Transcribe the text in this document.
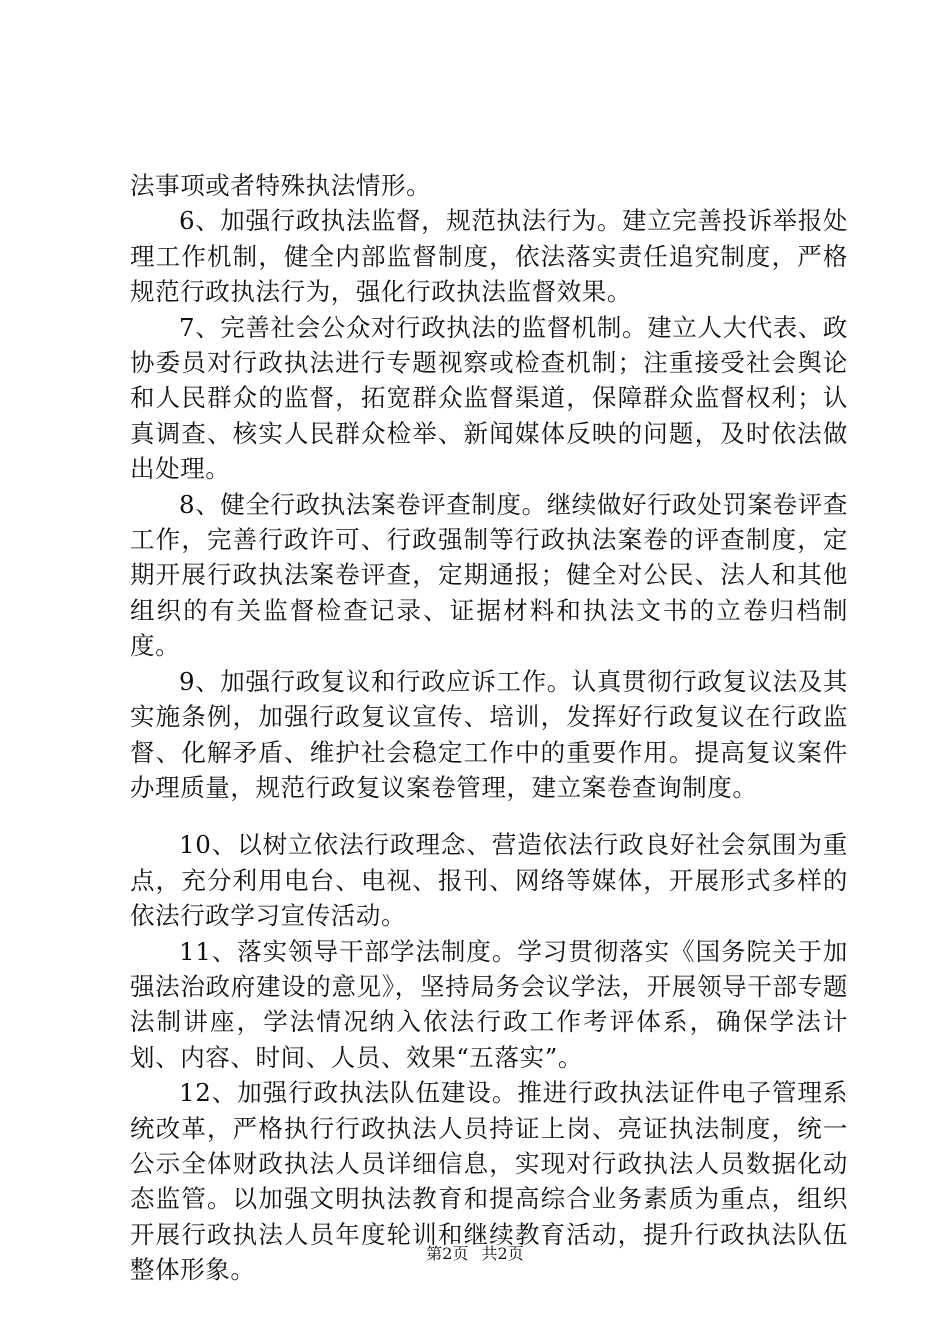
法事项或者特殊执法情形。

6、加强行政执法监督，规范执法行为。建立完善投诉举报处理工作机制，健全内部监督制度，依法落实责任追究制度，严格规范行政执法行为，强化行政执法监督效果。

7、完善社会公众对行政执法的监督机制。建立人大代表、政协委员对行政执法进行专题视察或检查机制；注重接受社会舆论和人民群众的监督，拓宽群众监督渠道，保障群众监督权利；认真调查、核实人民群众检举、新闻媒体反映的问题，及时依法做出处理。

8、健全行政执法案卷评查制度。继续做好行政处罚案卷评查工作，完善行政许可、行政强制等行政执法案卷的评查制度，定期开展行政执法案卷评查，定期通报；健全对公民、法人和其他组织的有关监督检查记录、证据材料和执法文书的立卷归档制度。

9、加强行政复议和行政应诉工作。认真贯彻行政复议法及其实施条例，加强行政复议宣传、培训，发挥好行政复议在行政监督、化解矛盾、维护社会稳定工作中的重要作用。提高复议案件办理质量，规范行政复议案卷管理，建立案卷查询制度。

10、以树立依法行政理念、营造依法行政良好社会氛围为重点，充分利用电台、电视、报刊、网络等媒体，开展形式多样的依法行政学习宣传活动。

11、落实领导干部学法制度。学习贯彻落实《国务院关于加强法治政府建设的意见》，坚持局务会议学法，开展领导干部专题法制讲座，学法情况纳入依法行政工作考评体系，确保学法计划、内容、时间、人员、效果“五落实”。

12、加强行政执法队伍建设。推进行政执法证件电子管理系统改革，严格执行行政执法人员持证上岗、亮证执法制度，统一公示全体财政执法人员详细信息，实现对行政执法人员数据化动态监管。以加强文明执法教育和提高综合业务素质为重点，组织开展行政执法人员年度轮训和继续教育活动，提升行政执法队伍整体形象。

第2页 共2页
